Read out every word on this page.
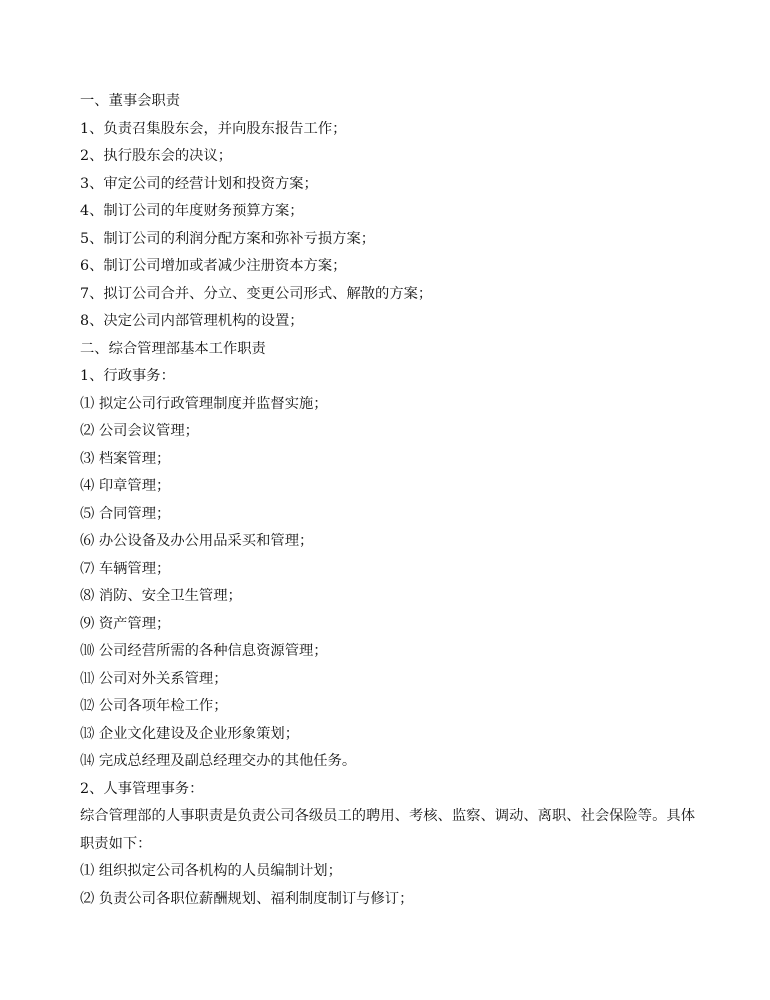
一、董事会职责
1、负责召集股东会，并向股东报告工作；
2、执行股东会的决议；
3、审定公司的经营计划和投资方案；
4、制订公司的年度财务预算方案；
5、制订公司的利润分配方案和弥补亏损方案；
6、制订公司增加或者减少注册资本方案；
7、拟订公司合并、分立、变更公司形式、解散的方案；
8、决定公司内部管理机构的设置；
二、综合管理部基本工作职责
1、行政事务：
⑴ 拟定公司行政管理制度并监督实施；
⑵ 公司会议管理；
⑶ 档案管理；
⑷ 印章管理；
⑸ 合同管理；
⑹ 办公设备及办公用品采买和管理；
⑺ 车辆管理；
⑻ 消防、安全卫生管理；
⑼ 资产管理；
⑽ 公司经营所需的各种信息资源管理；
⑾ 公司对外关系管理；
⑿ 公司各项年检工作；
⒀ 企业文化建设及企业形象策划；
⒁ 完成总经理及副总经理交办的其他任务。
2、人事管理事务：
综合管理部的人事职责是负责公司各级员工的聘用、考核、监察、调动、离职、社会保险等。具体职责如下：
⑴ 组织拟定公司各机构的人员编制计划；
⑵ 负责公司各职位薪酬规划、福利制度制订与修订；
